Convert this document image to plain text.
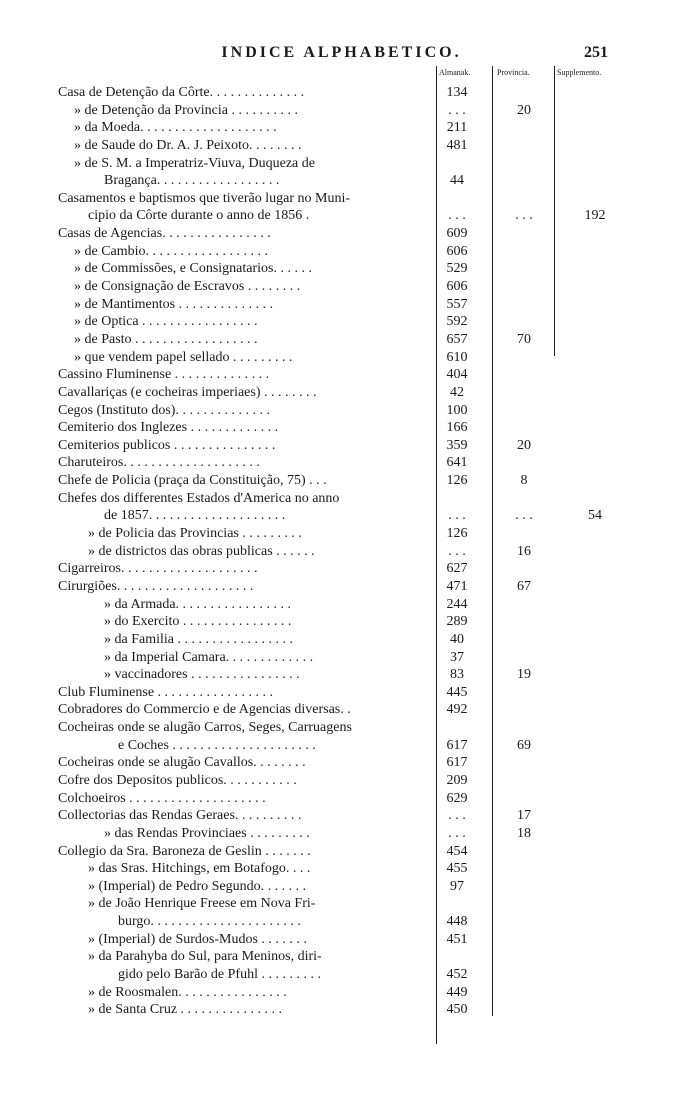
INDICE ALPHABETICO.	251
Almanak.	Provincia.	Supplemento.
Casa de Detenção da Côrte. . . . . . . . . . . . . .	134
» de Detenção da Provincia . . . . . . . . . .	. . .	20
» da Moeda. . . . . . . . . . . . . . . . . . . .	211
» de Saude do Dr. A. J. Peixoto. . . . . . . .	481
» de S. M. a Imperatriz-Viuva, Duqueza de
Bragança. . . . . . . . . . . . . . . . . .	44
Casamentos e baptismos que tiverão lugar no Muni-
cipio da Côrte durante o anno de 1856 .	. . .	. . .	192
Casas de Agencias. . . . . . . . . . . . . . . .	609
» de Cambio. . . . . . . . . . . . . . . . . .	606
» de Commissões, e Consignatarios. . . . . .	529
» de Consignação de Escravos . . . . . . . .	606
» de Mantimentos . . . . . . . . . . . . . .	557
» de Optica . . . . . . . . . . . . . . . . .	592
» de Pasto . . . . . . . . . . . . . . . . . .	657	70
» que vendem papel sellado . . . . . . . . .	610
Cassino Fluminense . . . . . . . . . . . . . .	404
Cavallariças (e cocheiras imperiaes) . . . . . . . .	42
Cegos (Instituto dos). . . . . . . . . . . . . .	100
Cemiterio dos Inglezes . . . . . . . . . . . . .	166
Cemiterios publicos . . . . . . . . . . . . . . .	359	20
Charuteiros. . . . . . . . . . . . . . . . . . . .	641
Chefe de Policia (praça da Constituição, 75) . . .	126	8
Chefes dos differentes Estados d'America no anno
de 1857. . . . . . . . . . . . . . . . . . . .	. . .	. . .	54
» de Policia das Provincias . . . . . . . . .	126
» de districtos das obras publicas . . . . . .	. . .	16
Cigarreiros. . . . . . . . . . . . . . . . . . . .	627
Cirurgiões. . . . . . . . . . . . . . . . . . . .	471	67
» da Armada. . . . . . . . . . . . . . . . .	244
» do Exercito . . . . . . . . . . . . . . . .	289
» da Familia . . . . . . . . . . . . . . . . .	40
» da Imperial Camara. . . . . . . . . . . . .	37
» vaccinadores . . . . . . . . . . . . . . . .	83	19
Club Fluminense . . . . . . . . . . . . . . . . .	445
Cobradores do Commercio e de Agencias diversas. .	492
Cocheiras onde se alugão Carros, Seges, Carruagens
e Coches . . . . . . . . . . . . . . . . . . . . .	617	69
Cocheiras onde se alugão Cavallos. . . . . . . .	617
Cofre dos Depositos publicos. . . . . . . . . . .	209
Colchoeiros . . . . . . . . . . . . . . . . . . . .	629
Collectorias das Rendas Geraes. . . . . . . . . .	. . .	17
» das Rendas Provinciaes . . . . . . . . .	. . .	18
Collegio da Sra. Baroneza de Geslin . . . . . . .	454
» das Sras. Hitchings, em Botafogo. . . .	455
» (Imperial) de Pedro Segundo. . . . . . .	97
» de João Henrique Freese em Nova Fri-
burgo. . . . . . . . . . . . . . . . . . . . . .	448
» (Imperial) de Surdos-Mudos . . . . . . .	451
» da Parahyba do Sul, para Meninos, diri-
gido pelo Barão de Pfuhl . . . . . . . . .	452
» de Roosmalen. . . . . . . . . . . . . . . .	449
» de Santa Cruz . . . . . . . . . . . . . . .	450
